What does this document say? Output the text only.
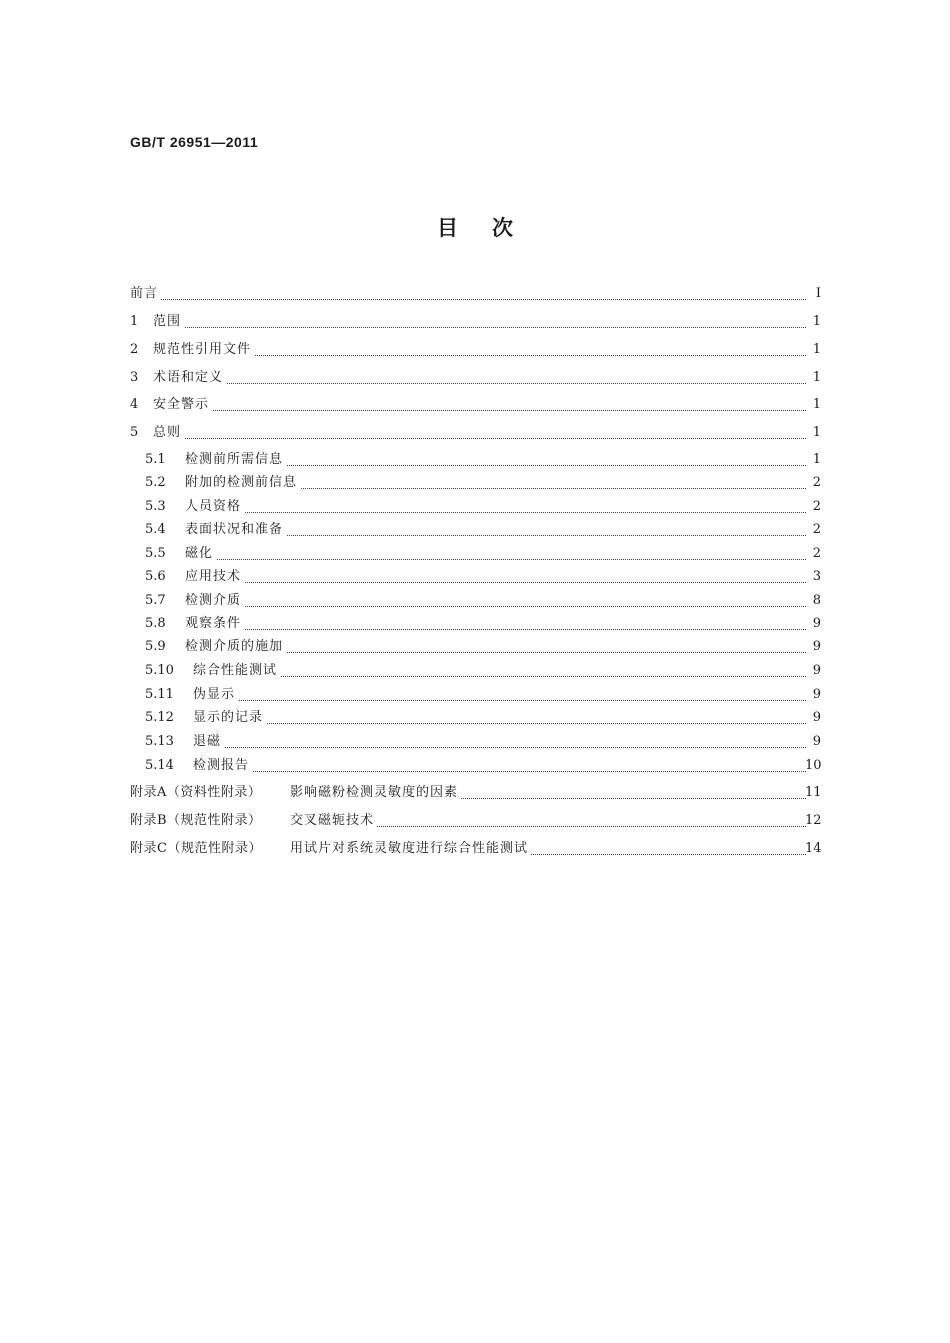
GB/T 26951—2011
目次
前言	Ⅰ
1 范围	1
2 规范性引用文件	1
3 术语和定义	1
4 安全警示	1
5 总则	1
5.1 检测前所需信息	1
5.2 附加的检测前信息	2
5.3 人员资格	2
5.4 表面状况和准备	2
5.5 磁化	2
5.6 应用技术	3
5.7 检测介质	8
5.8 观察条件	9
5.9 检测介质的施加	9
5.10 综合性能测试	9
5.11 伪显示	9
5.12 显示的记录	9
5.13 退磁	9
5.14 检测报告	10
附录A（资料性附录） 影响磁粉检测灵敏度的因素	11
附录B（规范性附录） 交叉磁轭技术	12
附录C（规范性附录） 用试片对系统灵敏度进行综合性能测试	14
